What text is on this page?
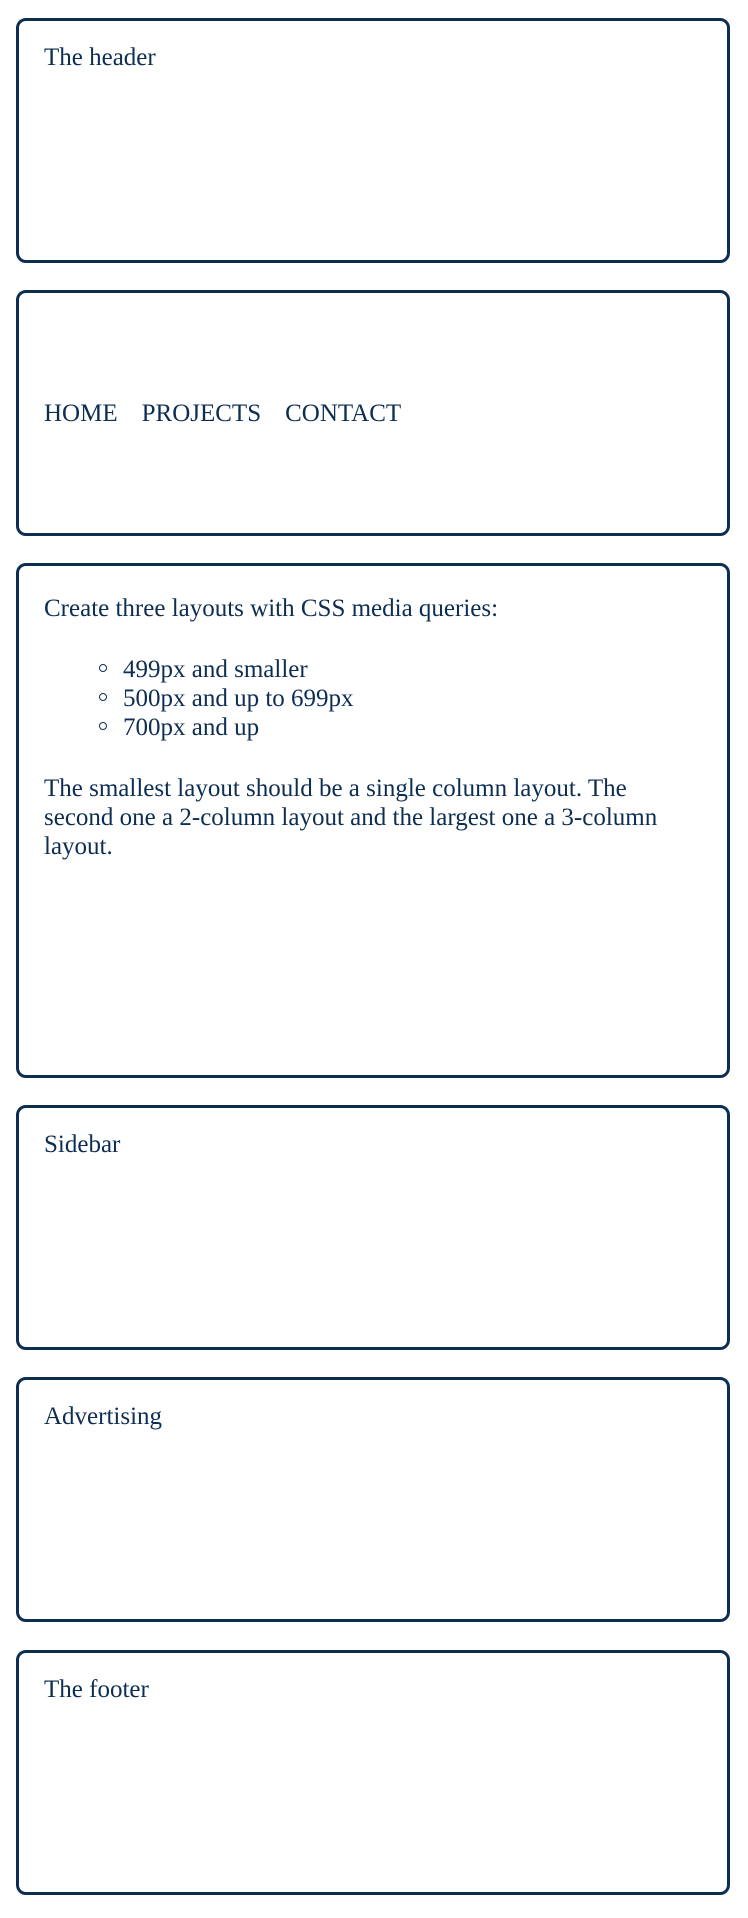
The header
HOME PROJECTS CONTACT

Create three layouts with CSS media queries:

499px and smaller
500px and up to 699px
700px and up

The smallest layout should be a single column layout. The second one a 2-column layout and the largest one a 3-column layout.

Sidebar
Advertising
The footer
